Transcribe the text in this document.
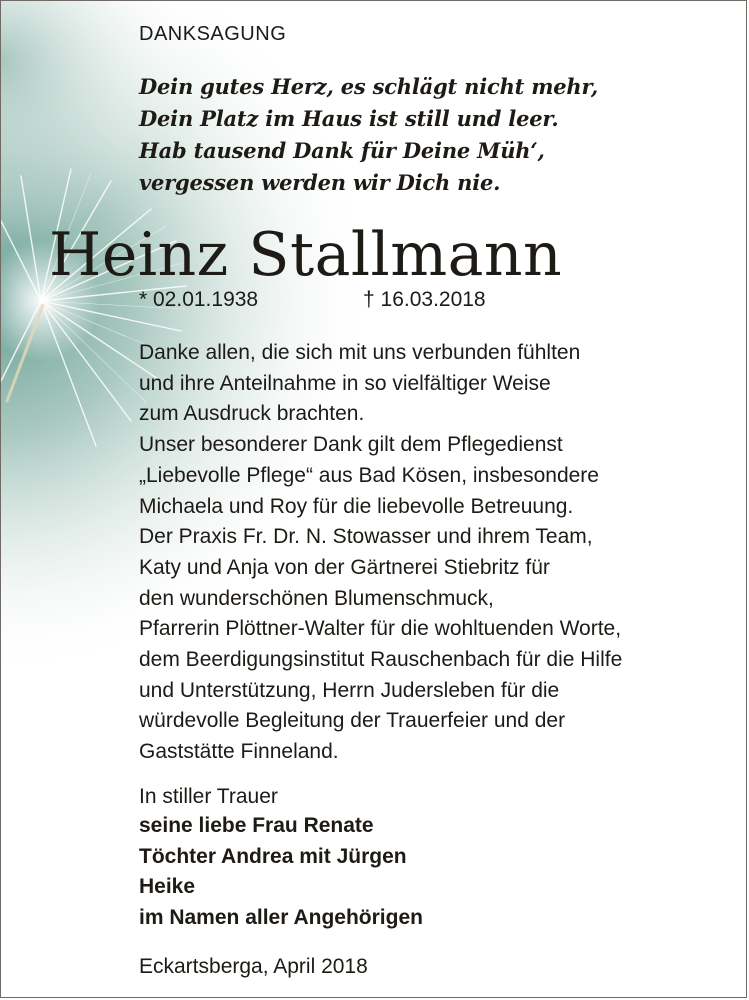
DANKSAGUNG
Dein gutes Herz, es schlägt nicht mehr,
Dein Platz im Haus ist still und leer.
Hab tausend Dank für Deine Müh‘,
vergessen werden wir Dich nie.
Heinz Stallmann
* 02.01.1938	† 16.03.2018
Danke allen, die sich mit uns verbunden fühlten
und ihre Anteilnahme in so vielfältiger Weise
zum Ausdruck brachten.
Unser besonderer Dank gilt dem Pflegedienst
„Liebevolle Pflege“ aus Bad Kösen, insbesondere
Michaela und Roy für die liebevolle Betreuung.
Der Praxis Fr. Dr. N. Stowasser und ihrem Team,
Katy und Anja von der Gärtnerei Stiebritz für
den wunderschönen Blumenschmuck,
Pfarrerin Plöttner-Walter für die wohltuenden Worte,
dem Beerdigungsinstitut Rauschenbach für die Hilfe
und Unterstützung, Herrn Judersleben für die
würdevolle Begleitung der Trauerfeier und der
Gaststätte Finneland.
In stiller Trauer
seine liebe Frau Renate
Töchter Andrea mit Jürgen
Heike
im Namen aller Angehörigen
Eckartsberga, April 2018
